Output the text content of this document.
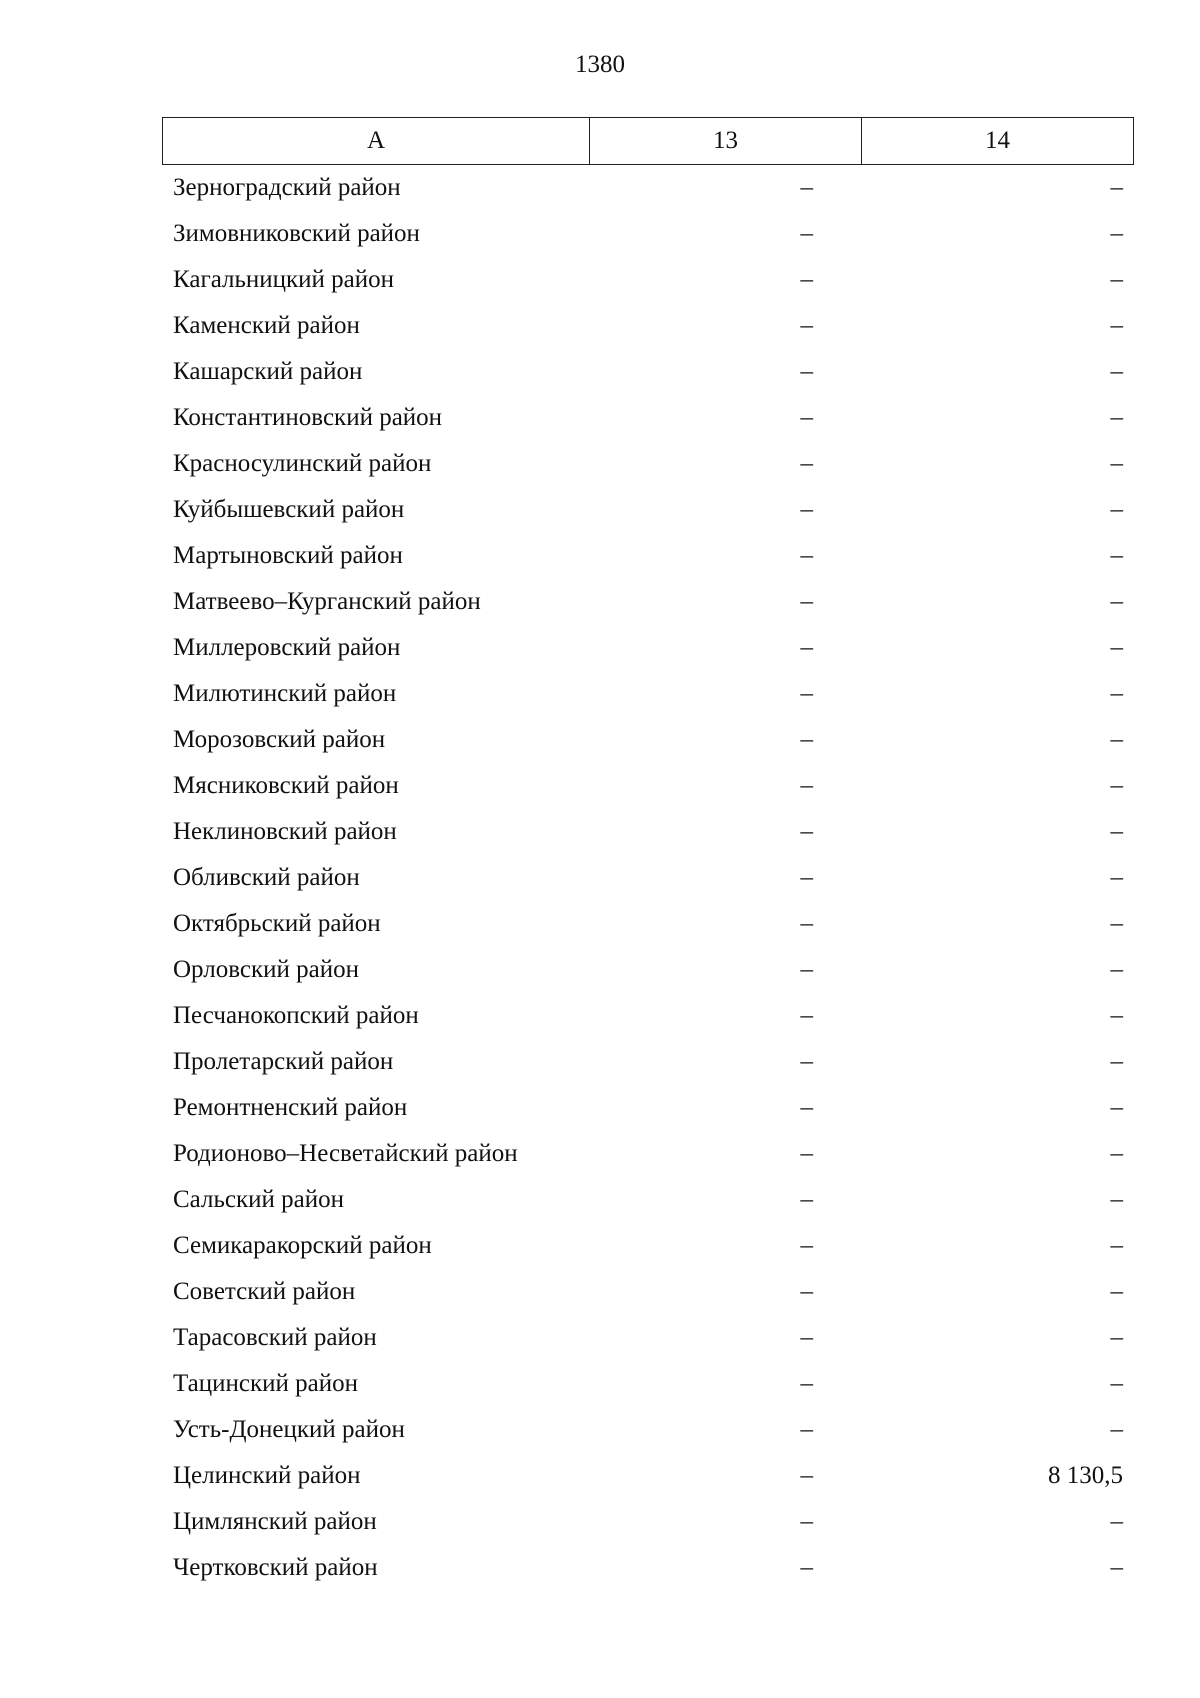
1380
А	13	14
Зерноградский район	–	–
Зимовниковский район	–	–
Кагальницкий район	–	–
Каменский район	–	–
Кашарский район	–	–
Константиновский район	–	–
Красносулинский район	–	–
Куйбышевский район	–	–
Мартыновский район	–	–
Матвеево–Курганский район	–	–
Миллеровский район	–	–
Милютинский район	–	–
Морозовский район	–	–
Мясниковский район	–	–
Неклиновский район	–	–
Обливский район	–	–
Октябрьский район	–	–
Орловский район	–	–
Песчанокопский район	–	–
Пролетарский район	–	–
Ремонтненский район	–	–
Родионово–Несветайский район	–	–
Сальский район	–	–
Семикаракорский район	–	–
Советский район	–	–
Тарасовский район	–	–
Тацинский район	–	–
Усть-Донецкий район	–	–
Целинский район	–	8 130,5
Цимлянский район	–	–
Чертковский район	–	–
